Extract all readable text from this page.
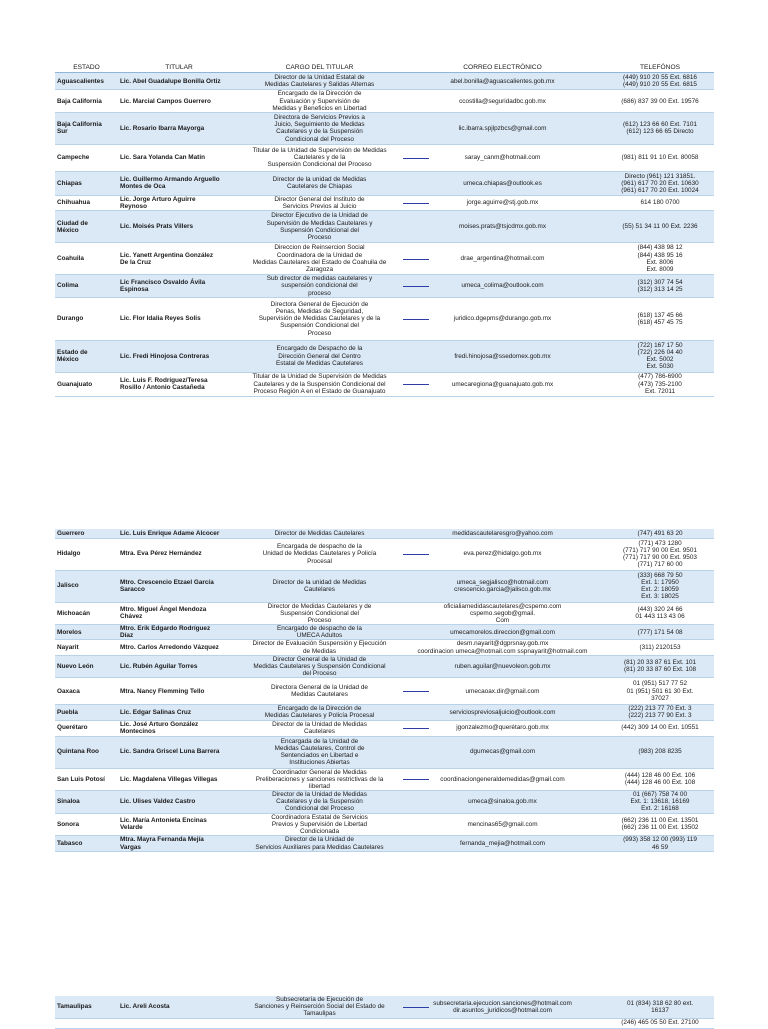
ESTADO	TITULAR	CARGO DEL TITULAR	CORREO ELECTRÓNICO	TELEFÓNOS
Aguascalientes	Lic. Abel Guadalupe Bonilla Ortiz	Director de la Unidad Estatal de
Medidas Cautelares y Salidas Alternas	abel.bonilla@aguascalientes.gob.mx	(449) 910 20 55 Ext. 6816
(449) 910 20 55 Ext. 6815
Baja California	Lic. Marcial Campos Guerrero	Encargado de la Dirección de
Evaluación y Supervisión de
Medidas y Beneficios en Libertad	ccostilla@seguridadbc.gob.mx	(686) 837 39 00 Ext. 19576
Baja California
Sur	Lic. Rosario Ibarra Mayorga	Directora de Servicios Previos a
Juicio, Seguimiento de Medidas
Cautelares y de la Suspensión
Condicional del Proceso	lic.ibarra.spjlpzbcs@gmail.com	(612) 123 66 60 Ext. 7101
(612) 123 66 65 Directo
Campeche	Lic. Sara Yolanda Can Matin	Titular de la Unidad de Supervisión de Medidas
Cautelares y de la
Suspensión Condicional del Proceso	saray_canm@hotmail.com	(981) 811 91 10 Ext. 80058
Chiapas	Lic. Guillermo Armando Arguello
Montes de Oca	Director de la unidad de Medidas
Cautelares de Chiapas	umeca.chiapas@outlook.es	Directo (961) 121 31851.
(961) 617 70 20 Ext. 10630
(961) 617 70 20 Ext. 10024
Chihuahua	Lic. Jorge Arturo Aguirre
Reynoso	Director General del Instituto de
Servicios Previos al Juicio	jorge.aguirre@stj.gob.mx	614 180 0700
Ciudad de
México	Lic. Moisés Prats Villers	Director Ejecutivo de la Unidad de
Supervisión de Medidas Cautelares y
Suspensión Condicional del
Proceso	moises.prats@tsjcdmx.gob.mx	(55) 51 34 11 00 Ext. 2236
Coahuila	Lic. Yanett Argentina González
De la Cruz	Direccion de Reinsercion Social
Coordinadora de la Unidad de
Medidas Cautelares del Estado de Coahuila de
Zaragoza	drae_argentina@hotmail.com	(844) 438 98 12
(844) 438 95 16
Ext. 8006
Ext. 8009
Colima	Lic Francisco Osvaldo Ávila
Espinosa	Sub director de medidas cautelares y
suspensión condicional del
proceso	umeca_colima@outlook.com	(312) 307 74 54
(312) 313 14 25
Durango	Lic. Flor Idalia Reyes Solis	Directora General de Ejecución de
Penas, Medidas de Seguridad,
Supervisión de Medidas Cautelares y de la
Suspensión Condicional del
Proceso	juridico.dgepms@durango.gob.mx	(618) 137 45 66
(618) 457 45 75
Estado de
México	Lic. Fredi Hinojosa Contreras	Encargado de Despacho de la
Dirección General del Centro
Estatal de Medidas Cautelares	fredi.hinojosa@ssedomex.gob.mx	(722) 167 17 50
(722) 226 04 40
Ext. 5002
Ext. 5030
Guanajuato	Lic. Luis F. Rodríguez/Teresa
Rosillo / Antonio Castañeda	Titular de la Unidad de Supervisión de Medidas
Cautelares y de la Suspensión Condicional del
Proceso Región A en el Estado de Guanajuato	umecaregiona@guanajuato.gob.mx	(477) 786-6900
(473) 735-2100
Ext. 72011
Guerrero	Lic. Luis Enrique Adame Alcocer	Director de Medidas Cautelares	medidascautelaresgro@yahoo.com	(747) 491 63 20
Hidalgo	Mtra. Eva Pérez Hernández	Encargada de despacho de la
Unidad de Medidas Cautelares y Policía
Procesal	eva.perez@hidalgo.gob.mx	(771) 473 1280
(771) 717 90 00 Ext. 9501
(771) 717 90 00 Ext. 9503
(771) 717 60 00
Jalisco	Mtro. Crescencio Etzael García
Saracco	Director de la unidad de Medidas
Cautelares	umeca_segjalisco@hotmail.com
crescencio.garcia@jalisco.gob.mx	(333) 668 79 50
Ext. 1: 17950
Ext. 2: 18059
Ext. 3: 18025
Michoacán	Mtro. Miguel Ángel Mendoza
Chávez	Director de Medidas Cautelares y de
Suspensión Condicional del
Proceso	oficialiamedidascautelares@cspemo.com
cspemo.segob@gmail.
Com	(443) 320 24 66
01 443 113 43 06
Morelos	Mtro. Erik Edgardo Rodríguez
Díaz	Encargado de despacho de la
UMECA Adultos	umecamorelos.direccion@gmail.com	(777) 171 54 08
Nayarit	Mtro. Carlos Arredondo Vázquez	Director de Evaluación Suspensión y Ejecución
de Medidas	desm.nayarit@dgprsnay.gob.mx
coordinacion umeca@hotmail.com sspnayarit@hotmail.com	(311) 2120153
Nuevo León	Lic. Rubén Aguilar Torres	Director General de la Unidad de
Medidas Cautelares y Suspensión Condicional
del Proceso	ruben.aguilar@nuevoleon.gob.mx	(81) 20 33 87 61 Ext. 101
(81) 20 33 87 60 Ext. 108
Oaxaca	Mtra. Nancy Flemming Tello	Directora General de la Unidad de
Medidas Cautelares	umecaoax.dir@gmail.com	01 (951) 517 77 52
01 (951) 501 61 30 Ext.
37027
Puebla	Lic. Edgar Salinas Cruz	Encargado de la Dirección de
Medidas Cautelares y Policía Procesal	serviciospreviosaljuicio@outlook.com	(222) 213 77 70 Ext. 3
(222) 213 77 90 Ext. 3
Querétaro	Lic. José Arturo González
Montecinos	Director de la Unidad de Medidas
Cautelares	jgonzalezmo@querétaro.gob.mx	(442) 309 14 00 Ext. 10551
Quintana Roo	Lic. Sandra Griscel Luna Barrera	Encargada de la Unidad de
Medidas Cautelares, Control de
Sentenciados en Libertad e
Instituciones Abiertas	dgumecas@gmail.com	(983) 208 8235
San Luis Potosí	Lic. Magdalena Villegas Villegas	Coordinador General de Medidas
Preliberaciones y sanciones restrictivas de la
libertad	coordinaciongeneraldemedidas@gmail.com	(444) 128 46 00 Ext. 106
(444) 128 46 00 Ext. 108
Sinaloa	Lic. Ulises Valdez Castro	Director de la Unidad de Medidas
Cautelares y de la Suspensión
Condicional del Proceso	umeca@sinaloa.gob.mx	01 (667) 758 74 00
Ext. 1: 13618, 16169
Ext. 2: 16168
Sonora	Lic. María Antonieta Encinas
Velarde	Coordinadora Estatal de Servicios
Previos y Supervisión de Libertad
Condicionada	mencinas65@gmail.com	(662) 236 11 00 Ext. 13501
(662) 236 11 00 Ext. 13502
Tabasco	Mtra. Mayra Fernanda Mejía
Vargas	Director de la Unidad de
Servicios Auxiliares para Medidas Cautelares	fernanda_mejia@hotmail.com	(993) 358 12 00 (993) 119
46 59
Tamaulipas	Lic. Areli Acosta	Subsecretaría de Ejecución de
Sanciones y Reinserción Social del Estado de
Tamaulipas	subsecretaria.ejecucion.sanciones@hotmail.com
dir.asuntos_juridicos@hotmail.com	01 (834) 318 62 80 ext.
16137
				(246) 465 05 50 Ext. 27100
